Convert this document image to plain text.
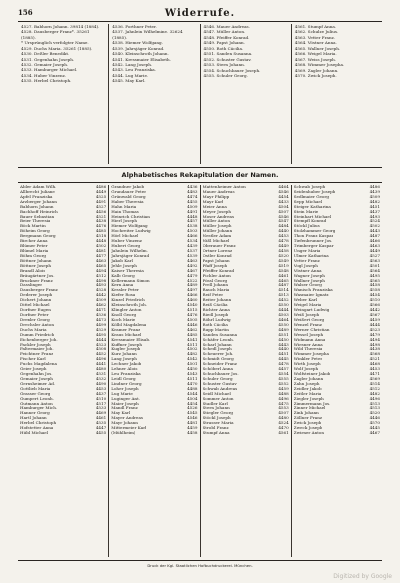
156	Widerrufe.
4527. Babhorn Johann. 39814 (1884).
4528. Dausberger Franz*. 35261 (1885).
* Ursprünglich verfolgter Name.
4529. Duchs Maria. 35261 (1885).
4530. Deßler Benedikt.
4531. Gegenhahn Joseph.
4532. Gemaier Joseph.
4533. Hamburger Michael.
4534. Huber Vinzenz.
4535. Herbel Christoph.
4536. Forthner Peter.
4537. Jahnlein Wilhelmine. 32624 (1885).
4538. Hiemer Wolfgang.
4539. Jahrsjäger Konrad.
4540. Kleinschroth Johann.
4541. Kressmaier Elisabeth.
4542. Lang Joseph.
4543. Leu Franziska.
4544. Lug Marie.
4545. May Karl.
4546. Mauer Andreas.
4547. Müller Anton.
4548. Pfeiffer Konrad.
4549. Papst Johann.
4550. Roth Cäcilia.
4551. Sanden Susanna.
4552. Schuster Gustav.
4553. Stern Johann.
4554. Schuchbauer Joseph.
4555. Schuler Georg.
4561. Stumpf Anna.
4562. Schulze Julius.
4563. Vetter Franz.
4564. Vöstner Anna.
4565. Wallner Joseph.
4566. Weigel Maria.
4567. Weiss Joseph.
4568. Wimmer Josepha.
4569. Zagler Johann.
4570. Zwick Joseph.
Alphabetisches Rekapitulation der Namen.
Abler Adam Wilh.	4486
Allbrecht Juliane	4449
Apfel Franziska	4525
Arzberger Johann	4491
Babhorn Johann	4527
Bachhoff Heinrich	4456
Bauer Sebastian	4521
Beier Theresia	4438
Böck Martin	4476
Böheim Georg	4485
Bergmann Georg	4518
Bircher Anna	4448
Blümer Peter	4502
Blümel Maria	4481
Böhm Georg	4477
Böttner Johann	4463
Böttner Joseph	4465
Brandl Alois	4494
Bräugärtner Jos.	4512
Bruckner Franz	4498
Dasslinger	4493
Dausberger Franz	4528
Dederer Joseph	4442
Dichert Johann	4509
Dittel Michael	4462
Dorfner Eugen	4471
Dorfner Peter	4536
Drexler Georg	4473
Drechsler Anton	4499
Duchs Maria	4529
Dumm Friedrich	4495
Eichenberger Joh.	4444
Fackler Joseph	4523
Faltermaier Joh.	4508
Feichtner Franz	4452
Fischer Karl	4496
Fuchs Magdalena	4441
Geier Joseph	4480
Gegenhahn Jos.	4531
Gemaier Joseph	4532
Gernsheimer Ad.	4490
Gottlieb Maria	4453
Grasser Georg	4437
Gumpert Leonh.	4510
Gutmann Anton	4517
Hamburger Mich.	4533
Hanner Georg	4469
Hartl Johann	4461
Herbel Christoph	4535
Hofstetter Anna	4447
Hübl Michael	4455
Grandner Jakob	4436
Grundauer Peter	4483
Grünwald Georg	4474
Haber Theresia	4455
Hahn Maria	4509
Hain Thomas	4491
Heinrich Christian	4448
Hierl Joseph	4457
Hiemer Wolfgang	4538
Hochreiter Ludwig	4503
Hörl Michael	4466
Huber Vinzenz	4534
Hubert Georg	4439
Jahnlein Wilhelm.	4537
Jahrsjäger Konrad	4539
Jakob Karl	4463
Jehle Joseph	4492
Kaiser Theresia	4467
Kalb Georg	4479
Kellermann Simon	4522
Kern Anna	4489
Kessler Peter	4497
Kiefer Rosa	4466
Kinzel Friedrich	4460
Kleinschroth Joh.	4540
Klingler Anton	4515
Knoll Georg	4476
Koch Marie	4505
Kölbl Magdalena	4446
Kramer Franz	4462
Kraus Michael	4485
Kressmaier Elisab.	4541
Kuffner Joseph	4511
Kugler Joseph	4502
Kurz Johann	4482
Lang Joseph	4542
Lechner Jakob	4501
Lehner Alois	4450
Leu Franziska	4543
Leidl Georg	4511
Lindner Georg	4470
Loher Joseph	4488
Lug Marie	4544
Luginger Ant.	4504
Maier Joseph	4454
Mandl Franz	4526
May Karl	4545
Mayer Andreas	4546
Mayr Johann	4481
Mittermeier Karl	4459
(Mühlheim)	4458
Mattenheimer Anton	4464
Mauer Andreas	4546
Mayr Philipp	4454
Mayr Karl	4433
Meier Anna	4504
Meyer Joseph	4507
Moser Andreas	4546
Müller Anton	4547
Müller Joseph	4484
Müller Johann	4440
Nestler Adam	4453
Nißl Michael	4478
Oberauer Franz	4449
Ortner Lorenz	4458
Ostler Konrad	4520
Papst Johann	4549
Pfaff Joseph	4519
Pfeiffer Konrad	4548
Pichler Anton	4461
Pössl Georg	4465
Prell Johann	4487
Rauch Maria	4514
Reif Peter	4513
Reiter Johann	4452
Reiß Cäcilia	4550
Richter Anna	4444
Riedl Joseph	4503
Röhrl Ludwig	4464
Roth Cäcilia	4550
Rupp Martin	4489
Sanden Susanna	4551
Schäfer Leonh.	4450
Scharl Johann	4443
Schedl Joseph	4440
Scheuerer Joh.	4451
Schmidt Georg	4445
Schneider Franz	4478
Schöberl Anna	4457
Schuchbauer Jos.	4554
Schuler Georg	4555
Schuster Gustav	4552
Schwab Andreas	4459
Seidl Michael	4488
Sommer Anton	4496
Stadler Karl	4475
Stern Johann	4553
Stiegler Georg	4507
Stöckl Joseph	4480
Strasser Maria	4524
Strobl Franz	4470
Stumpf Anna	4561
Schwab Joseph	4486
Seidenhuber Joseph	4439
Sedlmaier Georg	4509
Sepp Michael	4482
Steiger Katharina	4451
Stein Marie	4437
Steinhart Michael	4493
Stempfl Konrad	4524
Stöckl Julius	4502
Stolzhammer Georg	4443
Thon Franz Kaspar	4487
Tiefenbrunner Jos.	4466
Trimberger Kaspar	4463
Unger Maria	4449
Ulmer Katharina	4527
Vetter Franz	4563
Vogl Joseph	4501
Vöstner Anna	4564
Wagner Joseph	4495
Wallner Joseph	4565
Walser Georg	4458
Wanisch Franziska	4558
Wasmaier Ignatz	4454
Weber Karl	4510
Weigel Maria	4566
Weingart Ludwig	4442
Weiß Joseph	4567
Weißert Georg	4459
Wenzel Franz	4444
Werner Christian	4523
Wessel Joseph	4479
Widmann Anna	4494
Wiesner Anna	4498
Wild Theresia	4438
Wimmer Josepha	4568
Winkler Peter	4521
Wirth Joseph	4468
Wolf Joseph	4453
Wolfsteiner Jakob	4471
Zagler Johann	4569
Zahn Joseph	4514
Zeidler Jakob	4512
Zeitler Maria	4482
Ziegler Joseph	4496
Zimmermann Jos.	4513
Zinner Michael	4513
Zink Johann	4520
Zöllner Franz	4446
Zwick Joseph	4570
Zweck Joseph	4445
Zwirner Anton	4467
Druck der Kgl. Staatlichen Hofbuchdruckerei. München.
Digitized by Google
